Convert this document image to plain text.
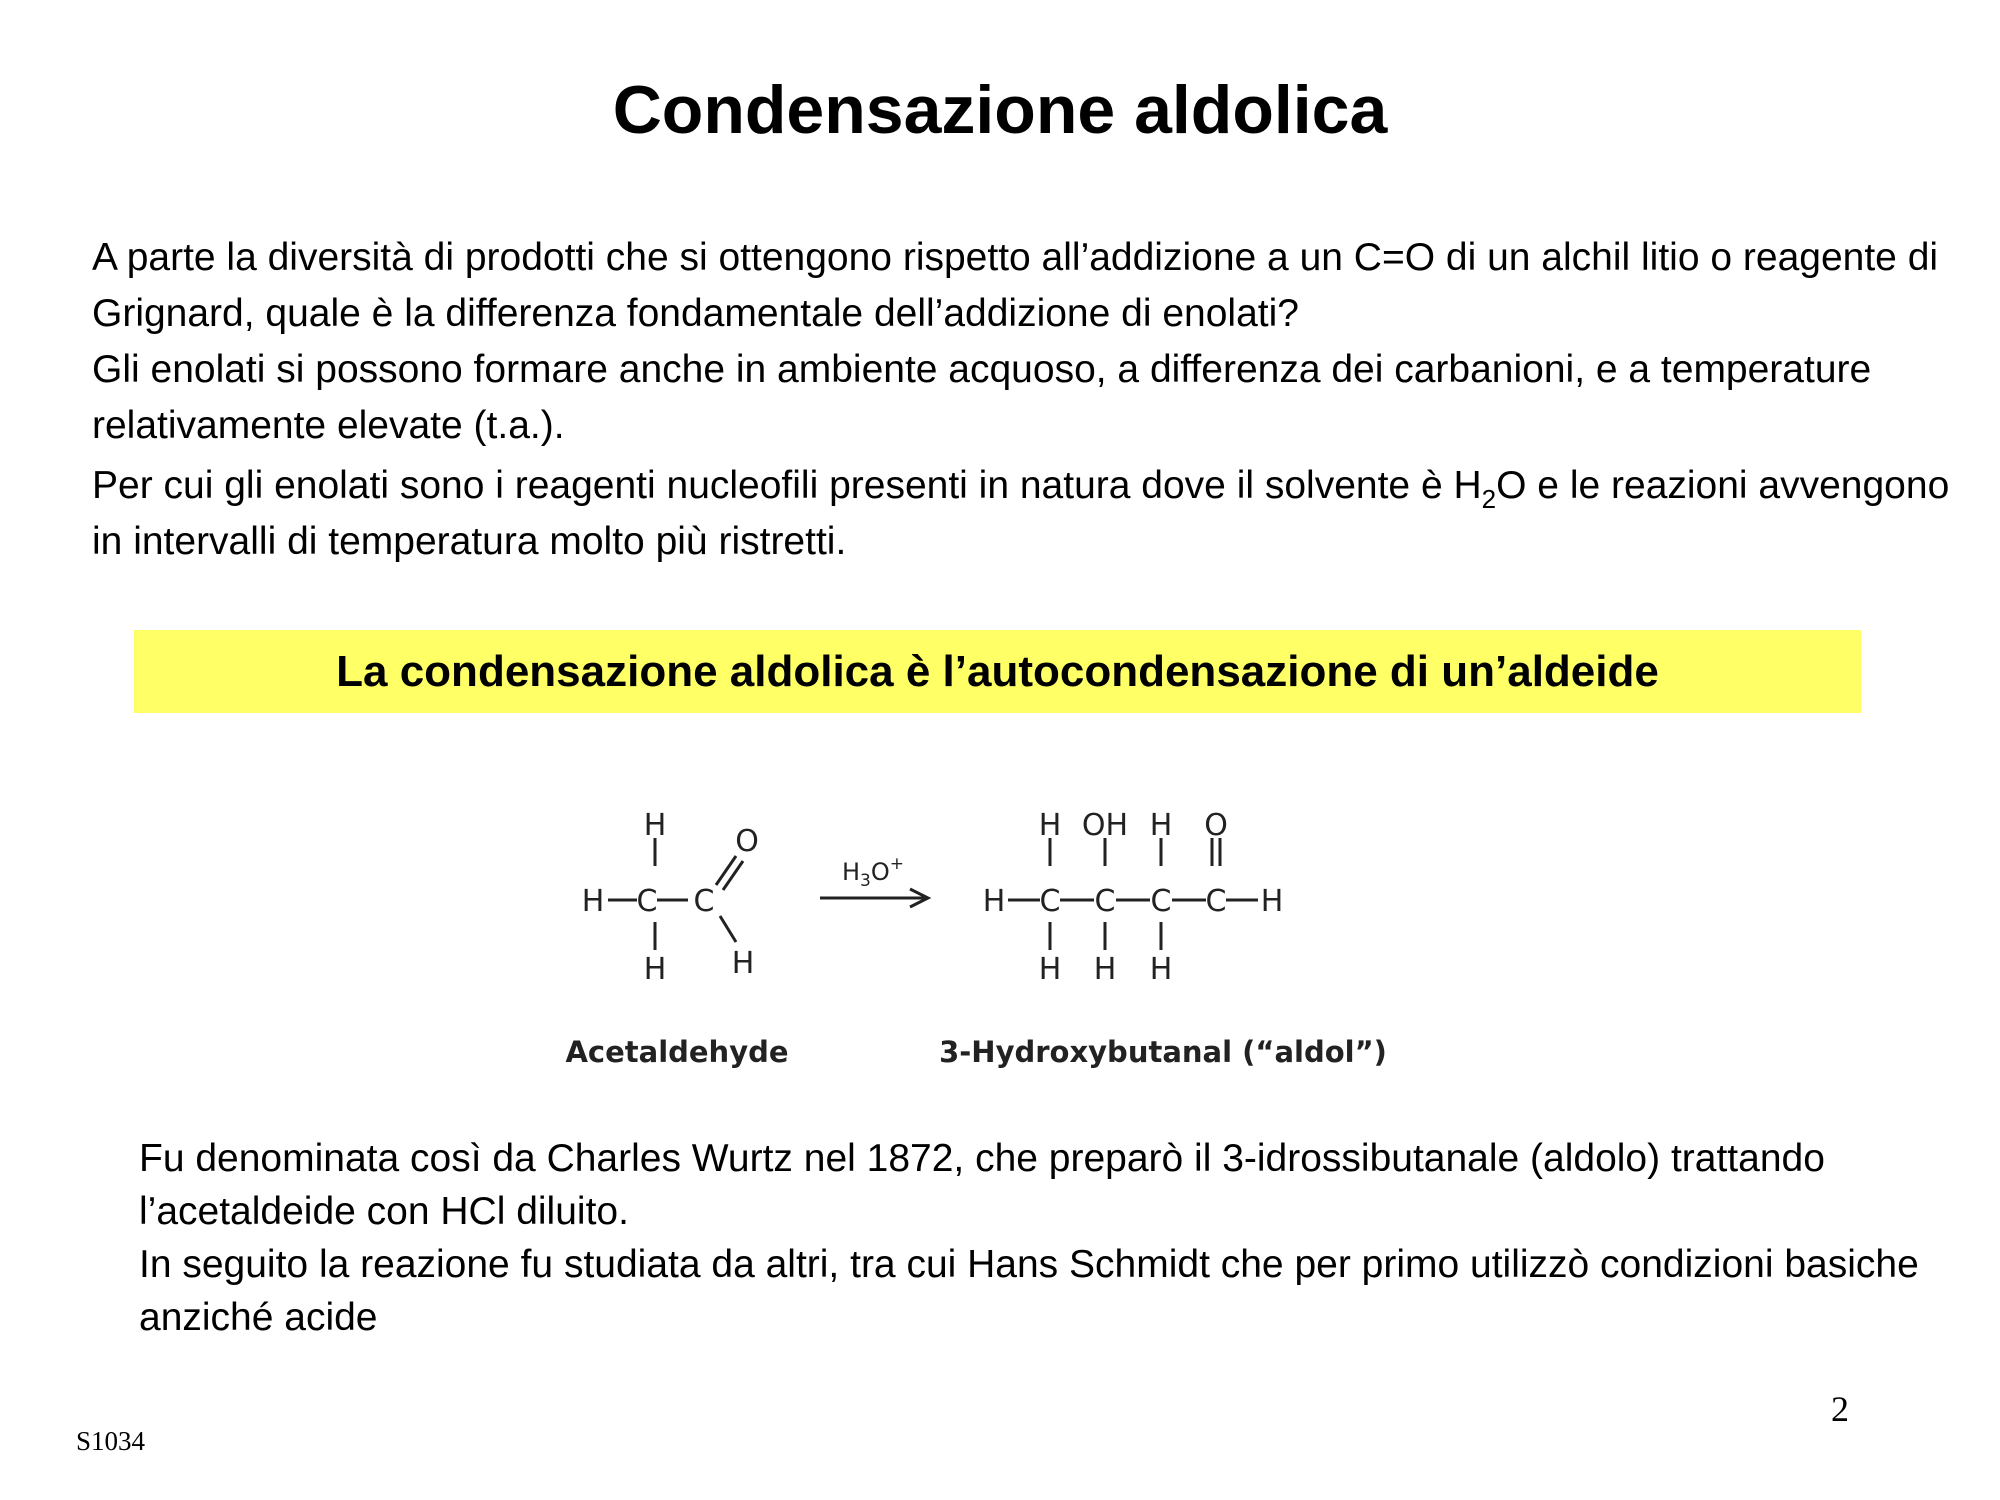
Condensazione aldolica

A parte la diversità di prodotti che si ottengono rispetto all’addizione a un C=O di un alchil litio o reagente di Grignard, quale è la differenza fondamentale dell’addizione di enolati?

Gli enolati si possono formare anche in ambiente acquoso, a differenza dei carbanioni, e a temperature relativamente elevate (t.a.).

Per cui gli enolati sono i reagenti nucleofili presenti in natura dove il solvente è $H_2O$ e le reazioni avvengono in intervalli di temperatura molto più ristretti.

La condensazione aldolica è l’autocondensazione di un’aldeide
H
H C C
O
H H
$H_3O^+$
H OH H O
H C C C C H
H H H
Acetaldehyde	3-Hydroxybutanal (“aldol”)

Fu denominata così da Charles Wurtz nel 1872, che preparò il 3-idrossibutanale (aldolo) trattando l’acetaldeide con HCl diluito.

In seguito la reazione fu studiata da altri, tra cui Hans Schmidt che per primo utilizzò condizioni basiche anziché acide

2
S1034
